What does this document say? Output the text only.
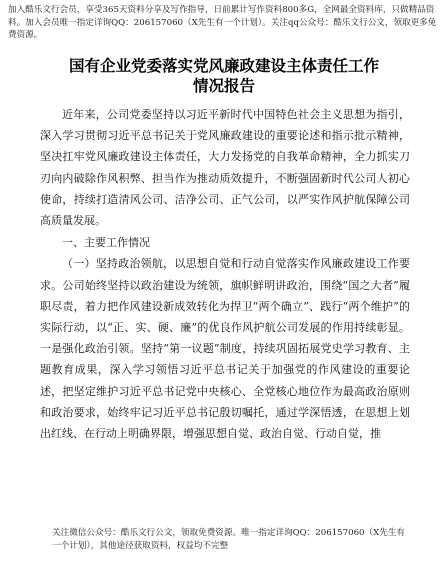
加入酷乐文行会员，享受365天资料分享及写作指导，日前累计写作资料800多G，全网最全资料库，只做精品资料。加入会员唯一指定详询QQ：206157060（X先生有一个计划）。关注qq公众号：酷乐文行公文，领取更多免费资源。
国有企业党委落实党风廉政建设主体责任工作
情况报告

近年来，公司党委坚持以习近平新时代中国特色社会主义思想为指引，深入学习贯彻习近平总书记关于党风廉政建设的重要论述和指示批示精神，坚决扛牢党风廉政建设主体责任，大力发扬党的自我革命精神，全力抓实刀刃向内破除作风积弊、担当作为推动质效提升，不断强固新时代公司人初心使命，持续打造清风公司、洁净公司、正气公司，以严实作风护航保障公司高质量发展。

一、主要工作情况

（一）坚持政治领航，以思想自觉和行动自觉落实作风廉政建设工作要求。公司始终坚持以政治建设为统领，旗帜鲜明讲政治，围绕“国之大者”履职尽责，着力把作风建设新成效转化为捍卫“两个确立”、践行“两个维护”的实际行动，以“正、实、硬、廉”的优良作风护航公司发展的作用持续彰显。一是强化政治引领。坚持“第一议题”制度，持续巩固拓展党史学习教育、主题教育成果，深入学习领悟习近平总书记关于加强党的作风建设的重要论述，把坚定维护习近平总书记党中央核心、全党核心地位作为最高政治原则和政治要求，始终牢记习近平总书记殷切嘱托，通过学深悟透，在思想上划出红线、在行动上明确界限，增强思想自觉、政治自觉、行动自觉，推

关注微信公众号：酷乐文行公文，领取免费资源。唯一指定详询QQ：206157060（X先生有一个计划），其他途径获取资料，权益均不完整
